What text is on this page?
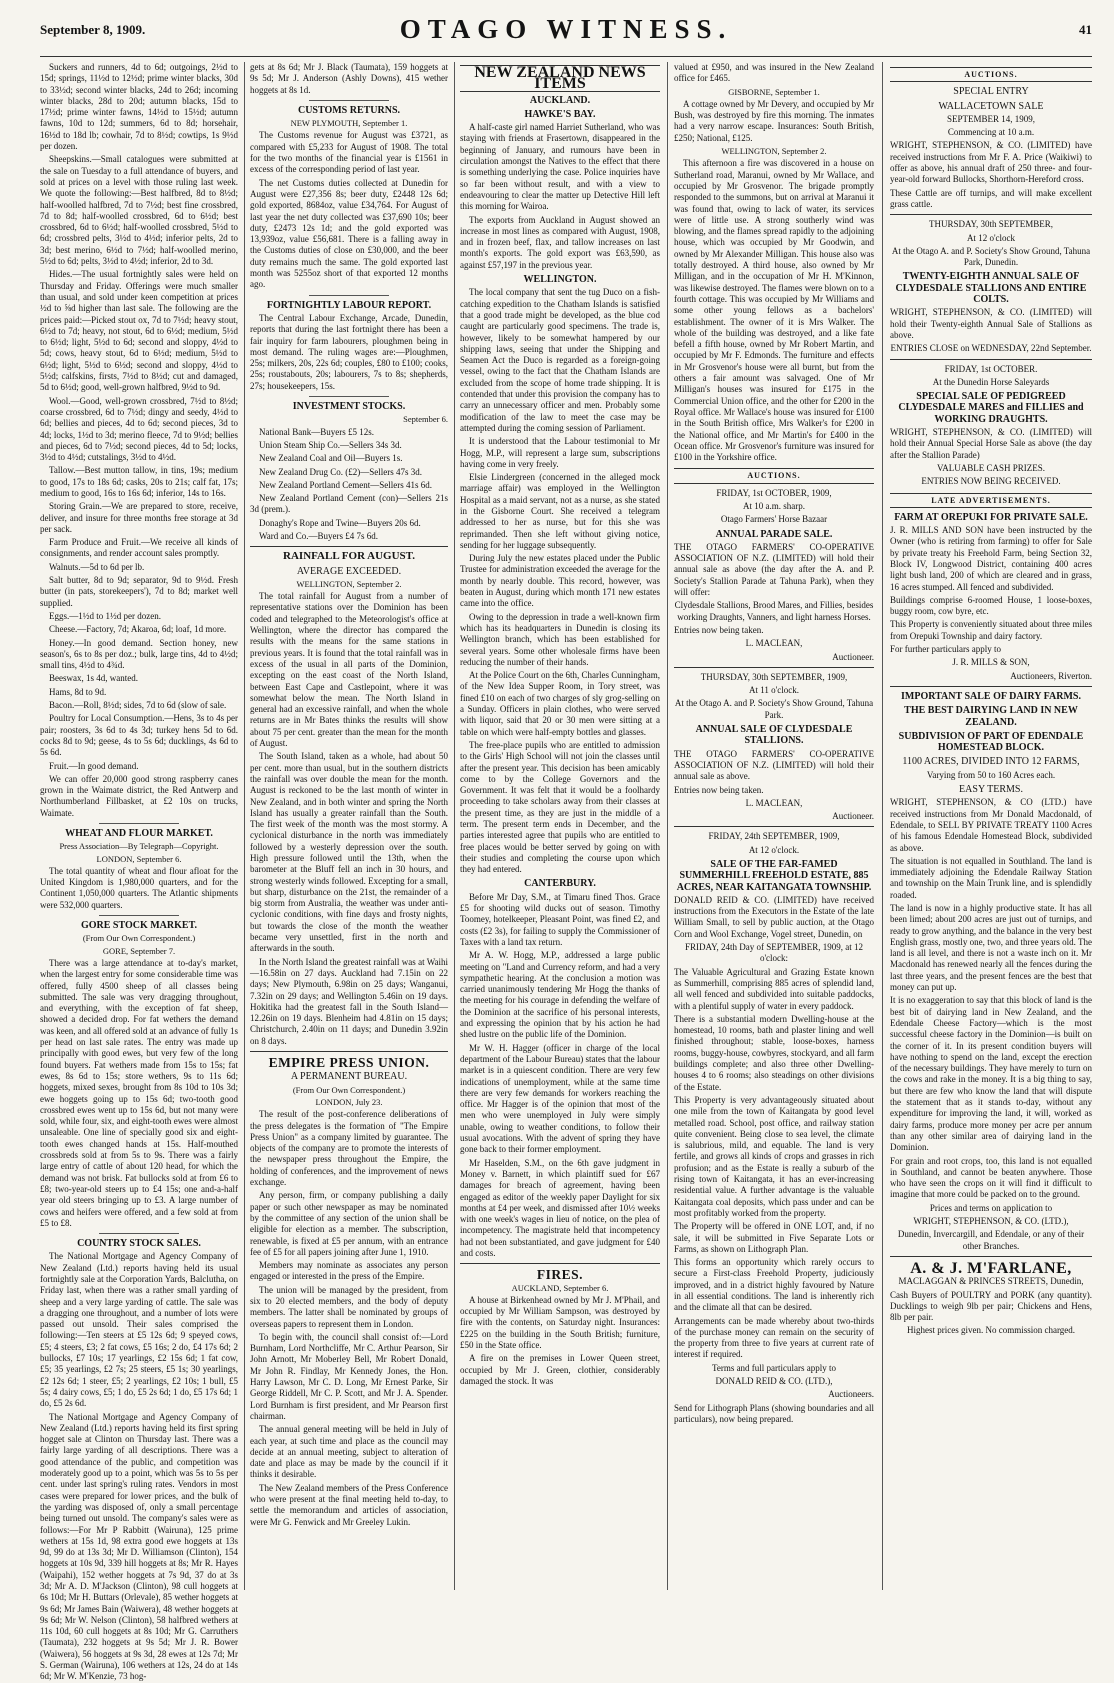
September 8, 1909.	OTAGO WITNESS.	41

Suckers and runners, 4d to 6d; outgoings, 2½d to 15d; springs, 11½d to 12½d; prime winter blacks, 30d to 33½d; second winter blacks, 24d to 26d; incoming winter blacks, 28d to 20d; autumn blacks, 15d to 17½d; prime winter fawns, 14½d to 15½d; autumn fawns, 10d to 12d; summers, 6d to 8d; horsehair, 16½d to 18d lb; cowhair, 7d to 8½d; cowtips, 1s 9½d per dozen.

Sheepskins.—Small catalogues were submitted at the sale on Tuesday to a full attendance of buyers, and sold at prices on a level with those ruling last week. We quote the following:—Best halfbred, 8d to 8½d; half-woolled halfbred, 7d to 7½d; best fine crossbred, 7d to 8d; half-woolled crossbred, 6d to 6½d; best crossbred, 6d to 6½d; half-woolled crossbred, 5½d to 6d; crossbred pelts, 3½d to 4½d; inferior pelts, 2d to 3d; best merino, 6½d to 7½d; half-woolled merino, 5½d to 6d; pelts, 3½d to 4½d; inferior, 2d to 3d.

Hides.—The usual fortnightly sales were held on Thursday and Friday. Offerings were much smaller than usual, and sold under keen competition at prices ½d to ⅝d higher than last sale. The following are the prices paid:—Picked stout ox, 7d to 7½d; heavy stout, 6½d to 7d; heavy, not stout, 6d to 6½d; medium, 5½d to 6½d; light, 5½d to 6d; second and sloppy, 4½d to 5d; cows, heavy stout, 6d to 6½d; medium, 5½d to 6½d; light, 5½d to 6½d; second and sloppy, 4½d to 5½d; calfskins, firsts, 7½d to 8½d; cut and damaged, 5d to 6½d; good, well-grown halfbred, 9½d to 9d.

Wool.—Good, well-grown crossbred, 7½d to 8½d; coarse crossbred, 6d to 7½d; dingy and seedy, 4½d to 6d; bellies and pieces, 4d to 6d; second pieces, 3d to 4d; locks, 1½d to 3d; merino fleece, 7d to 9½d; bellies and pieces, 6d to 7½d; second pieces, 4d to 5d; locks, 3½d to 4½d; cutstalings, 3½d to 4½d.

Tallow.—Best mutton tallow, in tins, 19s; medium to good, 17s to 18s 6d; casks, 20s to 21s; calf fat, 17s; medium to good, 16s to 16s 6d; inferior, 14s to 16s.

Storing Grain.—We are prepared to store, receive, deliver, and insure for three months free storage at 3d per sack.

Farm Produce and Fruit.—We receive all kinds of consignments, and render account sales promptly.

Walnuts.—5d to 6d per lb.

Salt butter, 8d to 9d; separator, 9d to 9½d. Fresh butter (in pats, storekeepers'), 7d to 8d; market well supplied.

Eggs.—1½d to 1½d per dozen.

Cheese.—Factory, 7d; Akaroa, 6d; loaf, 1d more.

Honey.—In good demand. Section honey, new season's, 6s to 8s per doz.; bulk, large tins, 4d to 4½d; small tins, 4½d to 4¾d.

Beeswax, 1s 4d, wanted.

Hams, 8d to 9d.

Bacon.—Roll, 8½d; sides, 7d to 6d (slow of sale.

Poultry for Local Consumption.—Hens, 3s to 4s per pair; roosters, 3s 6d to 4s 3d; turkey hens 5d to 6d. cocks 8d to 9d; geese, 4s to 5s 6d; ducklings, 4s 6d to 5s 6d.

Fruit.—In good demand.

We can offer 20,000 good strong raspberry canes grown in the Waimate district, the Red Antwerp and Northumberland Fillbasket, at £2 10s on trucks, Waimate.

WHEAT AND FLOUR MARKET.
Press Association—By Telegraph—Copyright.
LONDON, September 6.

The total quantity of wheat and flour afloat for the United Kingdom is 1,980,000 quarters, and for the Continent 1,050,000 quarters. The Atlantic shipments were 532,000 quarters.

GORE STOCK MARKET.
(From Our Own Correspondent.)
GORE, September 7.

There was a large attendance at to-day's market, when the largest entry for some considerable time was offered, fully 4500 sheep of all classes being submitted. The sale was very dragging throughout, and everything, with the exception of fat sheep, showed a decided drop. For fat wethers the demand was keen, and all offered sold at an advance of fully 1s per head on last sale rates. The entry was made up principally with good ewes, but very few of the long found buyers. Fat wethers made from 15s to 15s; fat ewes, 8s 6d to 15s; store wethers, 9s to 11s 6d; hoggets, mixed sexes, brought from 8s 10d to 10s 3d; ewe hoggets going up to 15s 6d; two-tooth good crossbred ewes went up to 15s 6d, but not many were sold, while four, six, and eight-tooth ewes were almost unsaleable. One line of specially good six and eight-tooth ewes changed hands at 15s. Half-mouthed crossbreds sold at from 5s to 9s. There was a fairly large entry of cattle of about 120 head, for which the demand was not brisk. Fat bullocks sold at from £6 to £8; two-year-old steers up to £4 15s; one and-a-half year old steers bringing up to £3. A large number of cows and heifers were offered, and a few sold at from £5 to £8.

COUNTRY STOCK SALES.

The National Mortgage and Agency Company of New Zealand (Ltd.) reports having held its usual fortnightly sale at the Corporation Yards, Balclutha, on Friday last, when there was a rather small yarding of sheep and a very large yarding of cattle. The sale was a dragging one throughout, and a number of lots were passed out unsold. Their sales comprised the following:—Ten steers at £5 12s 6d; 9 speyed cows, £5; 4 steers, £3; 2 fat cows, £5 16s; 2 do, £4 17s 6d; 2 bullocks, £7 10s; 17 yearlings, £2 15s 6d; 1 fat cow, £5; 35 yearlings, £2 7s; 25 steers, £5 1s; 30 yearlings, £2 12s 6d; 1 steer, £5; 2 yearlings, £2 10s; 1 bull, £5 5s; 4 dairy cows, £5; 1 do, £5 2s 6d; 1 do, £5 17s 6d; 1 do, £5 2s 6d.

The National Mortgage and Agency Company of New Zealand (Ltd.) reports having held its first spring hogget sale at Clinton on Thursday last. There was a fairly large yarding of all descriptions. There was a good attendance of the public, and competition was moderately good up to a point, which was 5s to 5s per cent. under last spring's ruling rates. Vendors in most cases were prepared for lower prices, and the bulk of the yarding was disposed of, only a small percentage being turned out unsold. The company's sales were as follows:—For Mr P Rabbitt (Wairuna), 125 prime wethers at 15s 1d, 98 extra good ewe hoggets at 13s 9d, 99 do at 13s 3d; Mr D. Williamson (Clinton), 154 hoggets at 10s 9d, 339 hill hoggets at 8s; Mr R. Hayes (Waipahi), 152 wether hoggets at 7s 9d, 37 do at 3s 3d; Mr A. D. M'Jackson (Clinton), 98 cull hoggets at 6s 10d; Mr H. Buttars (Orlevale), 85 wether hoggets at 9s 6d; Mr James Bain (Waiwera), 48 wether hoggets at 9s 6d; Mr W. Nelson (Clinton), 58 halfbred wethers at 11s 10d, 60 cull hoggets at 8s 10d; Mr G. Carruthers (Taumata), 232 hoggets at 9s 5d; Mr J. R. Bower (Waiwera), 56 hoggets at 9s 3d, 28 ewes at 12s 7d; Mr S. German (Wairuna), 106 wethers at 12s, 24 do at 14s 6d; Mr W. M'Kenzie, 73 hog-

gets at 8s 6d; Mr J. Black (Taumata), 159 hoggets at 9s 5d; Mr J. Anderson (Ashly Downs), 415 wether hoggets at 8s 1d.

CUSTOMS RETURNS.
NEW PLYMOUTH, September 1.

The Customs revenue for August was £3721, as compared with £5,233 for August of 1908. The total for the two months of the financial year is £1561 in excess of the corresponding period of last year.

The net Customs duties collected at Dunedin for August were £27,356 8s; beer duty, £2448 12s 6d; gold exported, 8684oz, value £34,764. For August of last year the net duty collected was £37,690 10s; beer duty, £2473 12s 1d; and the gold exported was 13,939oz, value £56,681. There is a falling away in the Customs duties of close on £30,000, and the beer duty remains much the same. The gold exported last month was 5255oz short of that exported 12 months ago.

FORTNIGHTLY LABOUR REPORT.

The Central Labour Exchange, Arcade, Dunedin, reports that during the last fortnight there has been a fair inquiry for farm labourers, ploughmen being in most demand. The ruling wages are:—Ploughmen, 25s; milkers, 20s, 22s 6d; couples, £80 to £100; cooks, 25s; roustabouts, 20s; labourers, 7s to 8s; shepherds, 27s; housekeepers, 15s.

INVESTMENT STOCKS.
September 6.

National Bank—Buyers £5 12s.

Union Steam Ship Co.—Sellers 34s 3d.

New Zealand Coal and Oil—Buyers 1s.

New Zealand Drug Co. (£2)—Sellers 47s 3d.

New Zealand Portland Cement—Sellers 41s 6d.

New Zealand Portland Cement (con)—Sellers 21s 3d (prem.).

Donaghy's Rope and Twine—Buyers 20s 6d.

Ward and Co.—Buyers £4 7s 6d.

RAINFALL FOR AUGUST.
AVERAGE EXCEEDED.
WELLINGTON, September 2.

The total rainfall for August from a number of representative stations over the Dominion has been coded and telegraphed to the Meteorologist's office at Wellington, where the director has compared the results with the means for the same stations in previous years. It is found that the total rainfall was in excess of the usual in all parts of the Dominion, excepting on the east coast of the North Island, between East Cape and Castlepoint, where it was somewhat below the mean. The North Island in general had an excessive rainfall, and when the whole returns are in Mr Bates thinks the results will show about 75 per cent. greater than the mean for the month of August.

The South Island, taken as a whole, had about 50 per cent. more than usual, but in the southern districts the rainfall was over double the mean for the month. August is reckoned to be the last month of winter in New Zealand, and in both winter and spring the North Island has usually a greater rainfall than the South. The first week of the month was the most stormy. A cyclonical disturbance in the north was immediately followed by a westerly depression over the south. High pressure followed until the 13th, when the barometer at the Bluff fell an inch in 30 hours, and strong westerly winds followed. Excepting for a small, but sharp, disturbance on the 21st, the remainder of a big storm from Australia, the weather was under anti-cyclonic conditions, with fine days and frosty nights, but towards the close of the month the weather became very unsettled, first in the north and afterwards in the south.

In the North Island the greatest rainfall was at Waihi—16.58in on 27 days. Auckland had 7.15in on 22 days; New Plymouth, 6.98in on 25 days; Wanganui, 7.32in on 29 days; and Wellington 5.46in on 19 days. Hokitika had the greatest fall in the South Island—12.26in on 19 days. Blenheim had 4.81in on 15 days; Christchurch, 2.40in on 11 days; and Dunedin 3.92in on 8 days.

EMPIRE PRESS UNION.
A PERMANENT BUREAU.
(From Our Own Correspondent.)
LONDON, July 23.

The result of the post-conference deliberations of the press delegates is the formation of "The Empire Press Union" as a company limited by guarantee. The objects of the company are to promote the interests of the newspaper press throughout the Empire, the holding of conferences, and the improvement of news exchange.

Any person, firm, or company publishing a daily paper or such other newspaper as may be nominated by the committee of any section of the union shall be eligible for election as a member. The subscription, renewable, is fixed at £5 per annum, with an entrance fee of £5 for all papers joining after June 1, 1910.

Members may nominate as associates any person engaged or interested in the press of the Empire.

The union will be managed by the president, from six to 20 elected members, and the body of deputy members. The latter shall be nominated by groups of overseas papers to represent them in London.

To begin with, the council shall consist of:—Lord Burnham, Lord Northcliffe, Mr C. Arthur Pearson, Sir John Arnott, Mr Moberley Bell, Mr Robert Donald, Mr John R. Findlay, Mr Kennedy Jones, the Hon. Harry Lawson, Mr C. D. Long, Mr Ernest Parke, Sir George Riddell, Mr C. P. Scott, and Mr J. A. Spender. Lord Burnham is first president, and Mr Pearson first chairman.

The annual general meeting will be held in July of each year, at such time and place as the council may decide at an annual meeting, subject to alteration of date and place as may be made by the council if it thinks it desirable.

The New Zealand members of the Press Conference who were present at the final meeting held to-day, to settle the memorandum and articles of association, were Mr G. Fenwick and Mr Greeley Lukin.

NEW ZEALAND NEWS ITEMS
AUCKLAND.
HAWKE'S BAY.

A half-caste girl named Harriet Sutherland, who was staying with friends at Frasertown, disappeared in the beginning of January, and rumours have been in circulation amongst the Natives to the effect that there is something underlying the case. Police inquiries have so far been without result, and with a view to endeavouring to clear the matter up Detective Hill left this morning for Wairoa.

The exports from Auckland in August showed an increase in most lines as compared with August, 1908, and in frozen beef, flax, and tallow increases on last month's exports. The gold export was £63,590, as against £57,197 in the previous year.

WELLINGTON.

The local company that sent the tug Duco on a fish-catching expedition to the Chatham Islands is satisfied that a good trade might be developed, as the blue cod caught are particularly good specimens. The trade is, however, likely to be somewhat hampered by our shipping laws, seeing that under the Shipping and Seamen Act the Duco is regarded as a foreign-going vessel, owing to the fact that the Chatham Islands are excluded from the scope of home trade shipping. It is contended that under this provision the company has to carry an unnecessary officer and men. Probably some modification of the law to meet the case may be attempted during the coming session of Parliament.

It is understood that the Labour testimonial to Mr Hogg, M.P., will represent a large sum, subscriptions having come in very freely.

Elsie Lindergreen (concerned in the alleged mock marriage affair) was employed in the Wellington Hospital as a maid servant, not as a nurse, as she stated in the Gisborne Court. She received a telegram addressed to her as nurse, but for this she was reprimanded. Then she left without giving notice, sending for her luggage subsequently.

During July the new estates placed under the Public Trustee for administration exceeded the average for the month by nearly double. This record, however, was beaten in August, during which month 171 new estates came into the office.

Owing to the depression in trade a well-known firm which has its headquarters in Dunedin is closing its Wellington branch, which has been established for several years. Some other wholesale firms have been reducing the number of their hands.

At the Police Court on the 6th, Charles Cunningham, of the New Idea Supper Room, in Tory street, was fined £10 on each of two charges of sly grog-selling on a Sunday. Officers in plain clothes, who were served with liquor, said that 20 or 30 men were sitting at a table on which were half-empty bottles and glasses.

The free-place pupils who are entitled to admission to the Girls' High School will not join the classes until after the present year. This decision has been amicably come to by the College Governors and the Government. It was felt that it would be a foolhardy proceeding to take scholars away from their classes at the present time, as they are just in the middle of a term. The present term ends in December, and the parties interested agree that pupils who are entitled to free places would be better served by going on with their studies and completing the course upon which they had entered.

CANTERBURY.

Before Mr Day, S.M., at Timaru fined Thos. Grace £5 for shooting wild ducks out of season. Timothy Toomey, hotelkeeper, Pleasant Point, was fined £2, and costs (£2 3s), for failing to supply the Commissioner of Taxes with a land tax return.

Mr A. W. Hogg, M.P., addressed a large public meeting on "Land and Currency reform, and had a very sympathetic hearing. At the conclusion a motion was carried unanimously tendering Mr Hogg the thanks of the meeting for his courage in defending the welfare of the Dominion at the sacrifice of his personal interests, and expressing the opinion that by his action he had shed lustre on the public life of the Dominion.

Mr W. H. Hagger (officer in charge of the local department of the Labour Bureau) states that the labour market is in a quiescent condition. There are very few indications of unemployment, while at the same time there are very few demands for workers reaching the office. Mr Hagger is of the opinion that most of the men who were unemployed in July were simply unable, owing to weather conditions, to follow their usual avocations. With the advent of spring they have gone back to their former employment.

Mr Haselden, S.M., on the 6th gave judgment in Money v. Barnett, in which plaintiff sued for £67 damages for breach of agreement, having been engaged as editor of the weekly paper Daylight for six months at £4 per week, and dismissed after 10½ weeks with one week's wages in lieu of notice, on the plea of incompetency. The magistrate held that incompetency had not been substantiated, and gave judgment for £40 and costs.

FIRES.
AUCKLAND, September 6.

A house at Birkenhead owned by Mr J. M'Phail, and occupied by Mr William Sampson, was destroyed by fire with the contents, on Saturday night. Insurances: £225 on the building in the South British; furniture, £50 in the State office.

A fire on the premises in Lower Queen street, occupied by Mr J. Green, clothier, considerably damaged the stock. It was

valued at £950, and was insured in the New Zealand office for £465.

GISBORNE, September 1.

A cottage owned by Mr Devery, and occupied by Mr Bush, was destroyed by fire this morning. The inmates had a very narrow escape. Insurances: South British, £250; National, £125.

WELLINGTON, September 2.

This afternoon a fire was discovered in a house on Sutherland road, Maranui, owned by Mr Wallace, and occupied by Mr Grosvenor. The brigade promptly responded to the summons, but on arrival at Maranui it was found that, owing to lack of water, its services were of little use. A strong southerly wind was blowing, and the flames spread rapidly to the adjoining house, which was occupied by Mr Goodwin, and owned by Mr Alexander Milligan. This house also was totally destroyed. A third house, also owned by Mr Milligan, and in the occupation of Mr H. M'Kinnon, was likewise destroyed. The flames were blown on to a fourth cottage. This was occupied by Mr Williams and some other young fellows as a bachelors' establishment. The owner of it is Mrs Walker. The whole of the building was destroyed, and a like fate befell a fifth house, owned by Mr Robert Martin, and occupied by Mr F. Edmonds. The furniture and effects in Mr Grosvenor's house were all burnt, but from the others a fair amount was salvaged. One of Mr Milligan's houses was insured for £175 in the Commercial Union office, and the other for £200 in the Royal office. Mr Wallace's house was insured for £100 in the South British office, Mrs Walker's for £200 in the National office, and Mr Martin's for £400 in the Ocean office. Mr Grosvenor's furniture was insured for £100 in the Yorkshire office.

AUCTIONS.

FRIDAY, 1st OCTOBER, 1909,

At 10 a.m. sharp.

Otago Farmers' Horse Bazaar

ANNUAL PARADE SALE.

THE OTAGO FARMERS' CO-OPERATIVE ASSOCIATION OF N.Z. (LIMITED) will hold their annual sale as above (the day after the A. and P. Society's Stallion Parade at Tahuna Park), when they will offer:

Clydesdale Stallions, Brood Mares, and Fillies, besides working Draughts, Vanners, and light harness Horses.

Entries now being taken.

L. MACLEAN,

Auctioneer.

THURSDAY, 30th SEPTEMBER, 1909,

At 11 o'clock.

At the Otago A. and P. Society's Show Ground, Tahuna Park.

ANNUAL SALE OF CLYDESDALE STALLIONS.

THE OTAGO FARMERS' CO-OPERATIVE ASSOCIATION OF N.Z. (LIMITED) will hold their annual sale as above.

Entries now being taken.

L. MACLEAN,

Auctioneer.

FRIDAY, 24th SEPTEMBER, 1909,

At 12 o'clock.

SALE OF THE FAR-FAMED SUMMERHILL FREEHOLD ESTATE, 885 ACRES, NEAR KAITANGATA TOWNSHIP.

DONALD REID & CO. (LIMITED) have received instructions from the Executors in the Estate of the late William Small, to sell by public auction, at the Otago Corn and Wool Exchange, Vogel street, Dunedin, on

FRIDAY, 24th Day of SEPTEMBER, 1909, at 12 o'clock:

The Valuable Agricultural and Grazing Estate known as Summerhill, comprising 885 acres of splendid land, all well fenced and subdivided into suitable paddocks, with a plentiful supply of water in every paddock.

There is a substantial modern Dwelling-house at the homestead, 10 rooms, bath and plaster lining and well finished throughout; stable, loose-boxes, harness rooms, buggy-house, cowbyres, stockyard, and all farm buildings complete; and also three other Dwelling-houses 4 to 6 rooms; also steadings on other divisions of the Estate.

This Property is very advantageously situated about one mile from the town of Kaitangata by good level metalled road. School, post office, and railway station quite convenient. Being close to sea level, the climate is salubrious, mild, and equable. The land is very fertile, and grows all kinds of crops and grasses in rich profusion; and as the Estate is really a suburb of the rising town of Kaitangata, it has an ever-increasing residential value. A further advantage is the valuable Kaitangata coal deposits, which pass under and can be most profitably worked from the property.

The Property will be offered in ONE LOT, and, if no sale, it will be submitted in Five Separate Lots or Farms, as shown on Lithograph Plan.

This forms an opportunity which rarely occurs to secure a First-class Freehold Property, judiciously improved, and in a district highly favoured by Nature in all essential conditions. The land is inherently rich and the climate all that can be desired.

Arrangements can be made whereby about two-thirds of the purchase money can remain on the security of the property from three to five years at current rate of interest if required.

Terms and full particulars apply to

DONALD REID & CO. (LTD.),

Auctioneers.

Send for Lithograph Plans (showing boundaries and all particulars), now being prepared.

AUCTIONS.
SPECIAL ENTRY
WALLACETOWN SALE

SEPTEMBER 14, 1909,

Commencing at 10 a.m.

WRIGHT, STEPHENSON, & CO. (LIMITED) have received instructions from Mr F. A. Price (Waikiwi) to offer as above, his annual draft of 250 three- and four-year-old forward Bullocks, Shorthorn-Hereford cross.

These Cattle are off turnips, and will make excellent grass cattle.

THURSDAY, 30th SEPTEMBER,

At 12 o'clock

At the Otago A. and P. Society's Show Ground, Tahuna Park, Dunedin.

TWENTY-EIGHTH ANNUAL SALE OF CLYDESDALE STALLIONS AND ENTIRE COLTS.

WRIGHT, STEPHENSON, & CO. (LIMITED) will hold their Twenty-eighth Annual Sale of Stallions as above.

ENTRIES CLOSE on WEDNESDAY, 22nd September.

FRIDAY, 1st OCTOBER.

At the Dunedin Horse Saleyards

SPECIAL SALE OF PEDIGREED CLYDESDALE MARES and FILLIES and WORKING DRAUGHTS.

WRIGHT, STEPHENSON, & CO. (LIMITED) will hold their Annual Special Horse Sale as above (the day after the Stallion Parade)

VALUABLE CASH PRIZES.

ENTRIES NOW BEING RECEIVED.

LATE ADVERTISEMENTS.
FARM AT OREPUKI FOR PRIVATE SALE.

J. R. MILLS AND SON have been instructed by the Owner (who is retiring from farming) to offer for Sale by private treaty his Freehold Farm, being Section 32, Block IV, Longwood District, containing 400 acres light bush land, 200 of which are cleared and in grass, 16 acres stumped. All fenced and subdivided.

Buildings comprise 6-roomed House, 1 loose-boxes, buggy room, cow byre, etc.

This Property is conveniently situated about three miles from Orepuki Township and dairy factory.

For further particulars apply to

J. R. MILLS & SON,

Auctioneers, Riverton.

IMPORTANT SALE OF DAIRY FARMS.
THE BEST DAIRYING LAND IN NEW ZEALAND.
SUBDIVISION OF PART OF EDENDALE HOMESTEAD BLOCK.
1100 ACRES, DIVIDED INTO 12 FARMS,

Varying from 50 to 160 Acres each.

EASY TERMS.

WRIGHT, STEPHENSON, & CO (LTD.) have received instructions from Mr Donald Macdonald, of Edendale, to SELL BY PRIVATE TREATY 1100 Acres of his famous Edendale Homestead Block, subdivided as above.

The situation is not equalled in Southland. The land is immediately adjoining the Edendale Railway Station and township on the Main Trunk line, and is splendidly roaded.

The land is now in a highly productive state. It has all been limed; about 200 acres are just out of turnips, and ready to grow anything, and the balance in the very best English grass, mostly one, two, and three years old. The land is all level, and there is not a waste inch on it. Mr Macdonald has renewed nearly all the fences during the last three years, and the present fences are the best that money can put up.

It is no exaggeration to say that this block of land is the best bit of dairying land in New Zealand, and the Edendale Cheese Factory—which is the most successful cheese factory in the Dominion—is built on the corner of it. In its present condition buyers will have nothing to spend on the land, except the erection of the necessary buildings. They have merely to turn on the cows and rake in the money. It is a big thing to say, but there are few who know the land that will dispute the statement that as it stands to-day, without any expenditure for improving the land, it will, worked as dairy farms, produce more money per acre per annum than any other similar area of dairying land in the Dominion.

For grain and root crops, too, this land is not equalled in Southland, and cannot be beaten anywhere. Those who have seen the crops on it will find it difficult to imagine that more could be packed on to the ground.

Prices and terms on application to

WRIGHT, STEPHENSON, & CO. (LTD.),

Dunedin, Invercargill, and Edendale, or any of their other Branches.

A. & J. M'FARLANE,

MACLAGGAN & PRINCES STREETS, Dunedin,

Cash Buyers of POULTRY and PORK (any quantity). Ducklings to weigh 9lb per pair; Chickens and Hens, 8lb per pair.

Highest prices given. No commission charged.
